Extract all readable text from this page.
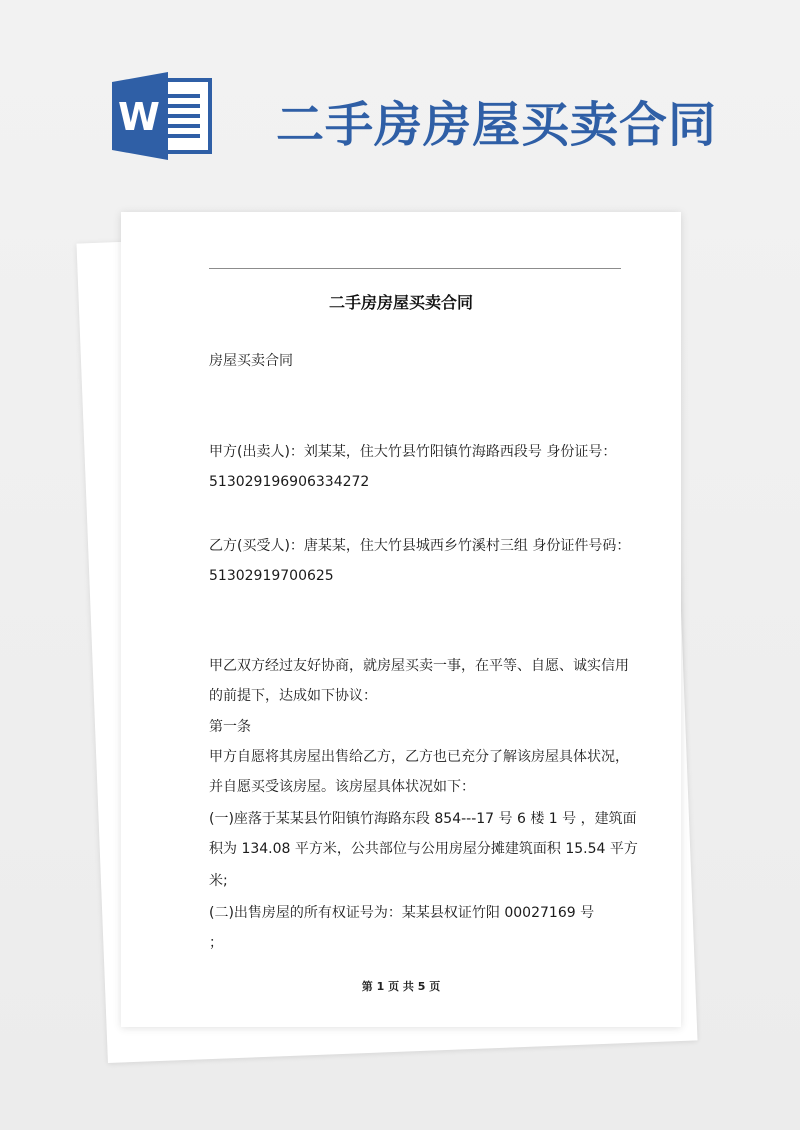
W 二手房房屋买卖合同
二手房房屋买卖合同
房屋买卖合同
甲方(出卖人)：刘某某，住大竹县竹阳镇竹海路西段号 身份证号：
513029196906334272
乙方(买受人)：唐某某，住大竹县城西乡竹溪村三组 身份证件号码：
51302919700625
甲乙双方经过友好协商，就房屋买卖一事，在平等、自愿、诚实信用
的前提下，达成如下协议：
第一条
甲方自愿将其房屋出售给乙方，乙方也已充分了解该房屋具体状况，
并自愿买受该房屋。该房屋具体状况如下：
(一)座落于某某县竹阳镇竹海路东段 854---17 号 6 楼 1 号 ，建筑面
积为 134.08 平方米，公共部位与公用房屋分摊建筑面积 15.54 平方
米;
(二)出售房屋的所有权证号为：某某县权证竹阳 00027169 号
；
第 1 页 共 5 页
